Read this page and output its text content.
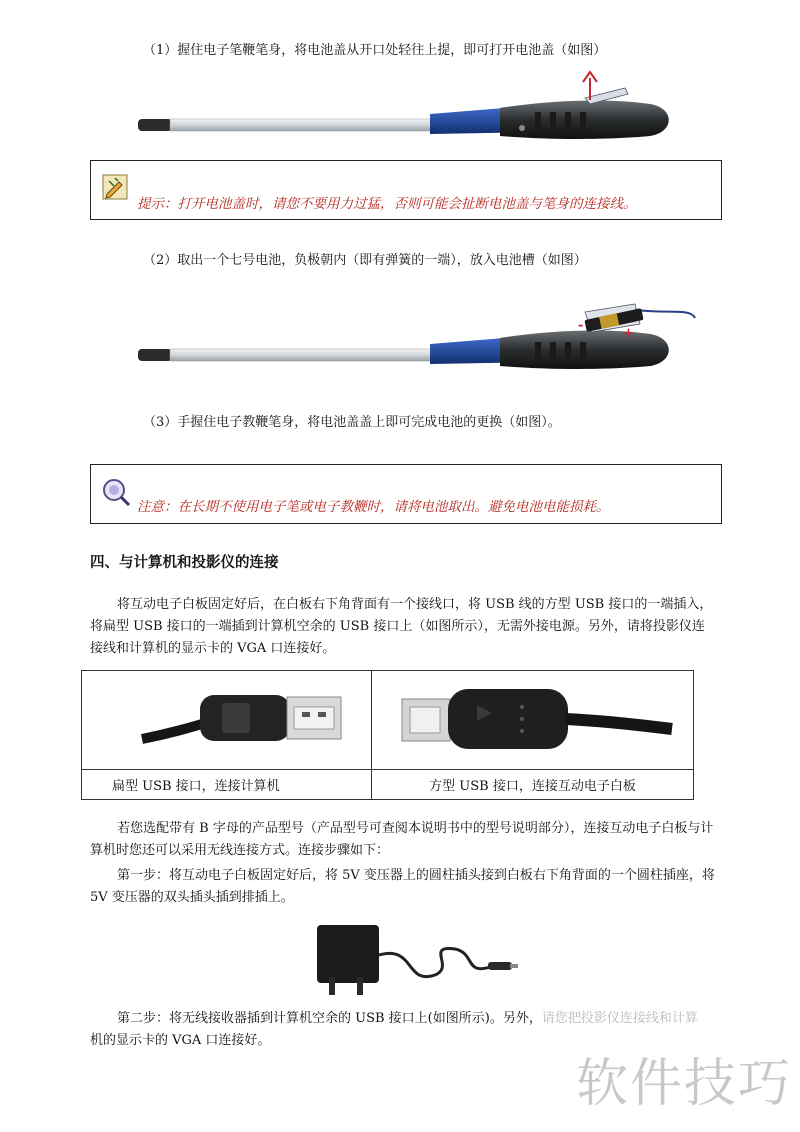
（1）握住电子笔鞭笔身，将电池盖从开口处轻往上提，即可打开电池盖（如图）
提示：打开电池盖时，请您不要用力过猛，否则可能会扯断电池盖与笔身的连接线。
（2）取出一个七号电池，负极朝内（即有弹簧的一端），放入电池槽（如图）
-
+
（3）手握住电子教鞭笔身，将电池盖盖上即可完成电池的更换（如图）。
注意：在长期不使用电子笔或电子教鞭时，请将电池取出。避免电池电能损耗。
四、与计算机和投影仪的连接
将互动电子白板固定好后，在白板右下角背面有一个接线口，将 USB 线的方型 USB 接口的一端插入，将扁型 USB 接口的一端插到计算机空余的 USB 接口上（如图所示），无需外接电源。另外，请将投影仪连接线和计算机的显示卡的 VGA 口连接好。

扁型 USB 接口，连接计算机	方型 USB 接口，连接互动电子白板
若您选配带有 B 字母的产品型号（产品型号可查阅本说明书中的型号说明部分），连接互动电子白板与计算机时您还可以采用无线连接方式。连接步骤如下：
第一步：将互动电子白板固定好后，将 5V 变压器上的圆柱插头接到白板右下角背面的一个圆柱插座，将 5V 变压器的双头插头插到排插上。
第二步：将无线接收器插到计算机空余的 USB 接口上(如图所示)。另外，请您把投影仪连接线和计算
机的显示卡的 VGA 口连接好。
软件技巧
